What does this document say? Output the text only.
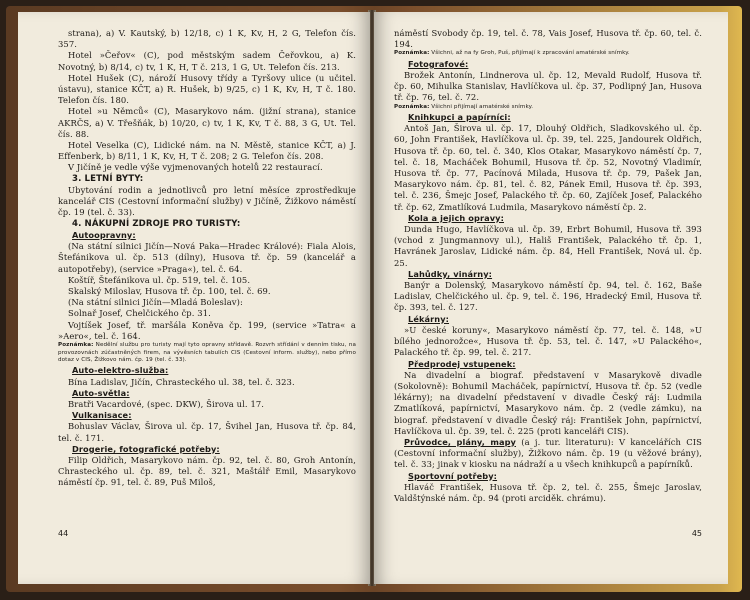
strana), a) V. Kautský, b) 12/18, c) 1 K, Kv, H, 2 G, Telefon čís. 357.

Hotel »Čeřov« (C), pod městským sadem Čeřovkou, a) K. Novotný, b) 8/14, c) tv, 1 K, H, T č. 213, 1 G, Ut. Telefon čís. 213.

Hotel Hušek (C), nároží Husovy třídy a Tyršovy ulice (u učitel. ústavu), stanice KČT, a) R. Hušek, b) 9/25, c) 1 K, Kv, H, T č. 180. Telefon čís. 180.

Hotel »u Němců« (C), Masarykovo nám. (jižní strana), stanice AKRČS, a) V. Třešňák, b) 10/20, c) tv, 1 K, Kv, T č. 88, 3 G, Ut. Tel. čís. 88.

Hotel Veselka (C), Lidické nám. na N. Městě, stanice KČT, a) J. Effenberk, b) 8/11, 1 K, Kv, H, T č. 208; 2 G. Telefon čís. 208.

V Jičíně je vedle výše vyjmenovaných hotelů 22 restaurací.

3. LETNÍ BYTY:

Ubytování rodin a jednotlivců pro letní měsíce zprostředkuje kancelář CIS (Cestovní informační služby) v Jičíně, Žižkovo náměstí čp. 19 (tel. č. 33).

4. NÁKUPNÍ ZDROJE PRO TURISTY:

Autoopravny:

(Na státní silnici Jičín—Nová Paka—Hradec Králové): Fiala Alois, Štefánikova ul. čp. 513 (dílny), Husova tř. čp. 59 (kancelář a autopotřeby), (service »Praga«), tel. č. 64.

Koštíř, Štefánikova ul. čp. 519, tel. č. 105.

Skalský Miloslav, Husova tř. čp. 100, tel. č. 69.

(Na státní silnici Jičín—Mladá Boleslav):

Solnař Josef, Chelčického čp. 31.

Vojtíšek Josef, tř. maršála Koněva čp. 199, (service »Tatra« a »Aero«, tel. č. 164.

Poznámka: Nedělní službu pro turisty mají tyto opravny střídavě. Rozvrh střídání v denním tisku, na provozovnách zúčastněných firem, na vývěsních tabulích CIS (Cestovní inform. služby), nebo přímo dotaz v CIS, Žižkovo nám. čp. 19 (tel. č. 33).

Auto-elektro-služba:

Bína Ladislav, Jičín, Chrasteckého ul. 38, tel. č. 323.

Auto-světla:

Bratři Vacardové, (spec. DKW), Širova ul. 17.

Vulkanisace:

Bohuslav Václav, Širova ul. čp. 17, Švihel Jan, Husova tř. čp. 84, tel. č. 171.

Drogerie, fotografické potřeby:

Filip Oldřich, Masarykovo nám. čp. 92, tel. č. 80, Groh Antonín, Chrasteckého ul. čp. 89, tel. č. 321, Maštálř Emil, Masarykovo náměstí čp. 91, tel. č. 89, Puš Miloš,

44

náměstí Svobody čp. 19, tel. č. 78, Vais Josef, Husova tř. čp. 60, tel. č. 194.

Poznámka: Všichni, až na fy Groh, Puš, přijímají k zpracování amatérské snímky.

Fotografové:

Brožek Antonín, Lindnerova ul. čp. 12, Mevald Rudolf, Husova tř. čp. 60, Mihulka Stanislav, Havlíčkova ul. čp. 37, Podlipný Jan, Husova tř. čp. 76, tel. č. 72.

Poznámka: Všichni přijímají amatérské snímky.

Knihkupci a papírníci:

Antoš Jan, Širova ul. čp. 17, Dlouhý Oldřich, Sladkovského ul. čp. 60, John František, Havlíčkova ul. čp. 39, tel. 225, Jandourek Oldřich, Husova tř. čp. 60, tel. č. 340, Klos Otakar, Masarykovo náměstí čp. 7, tel. č. 18, Macháček Bohumil, Husova tř. čp. 52, Novotný Vladimír, Husova tř. čp. 77, Pacínová Milada, Husova tř. čp. 79, Pašek Jan, Masarykovo nám. čp. 81, tel. č. 82, Pánek Emil, Husova tř. čp. 393, tel. č. 236, Šmejc Josef, Palackého tř. čp. 60, Zajíček Josef, Palackého tř. čp. 62, Zmatlíková Ludmila, Masarykovo náměstí čp. 2.

Kola a jejich opravy:

Dunda Hugo, Havlíčkova ul. čp. 39, Erbrt Bohumil, Husova tř. 393 (vchod z Jungmannovy ul.), Hališ František, Palackého tř. čp. 1, Havránek Jaroslav, Lidické nám. čp. 84, Hell František, Nová ul. čp. 25.

Lahůdky, vinárny:

Banýr a Dolenský, Masarykovo náměstí čp. 94, tel. č. 162, Baše Ladislav, Chelčického ul. čp. 9, tel. č. 196, Hradecký Emil, Husova tř. čp. 393, tel. č. 127.

Lékárny:

»U české koruny«, Masarykovo náměstí čp. 77, tel. č. 148, »U bílého jednorožce«, Husova tř. čp. 53, tel. č. 147, »U Palackého«, Palackého tř. čp. 99, tel. č. 217.

Předprodej vstupenek:

Na divadelní a biograf. představení v Masarykově divadle (Sokolovně): Bohumil Macháček, papírnictví, Husova tř. čp. 52 (vedle lékárny); na divadelní představení v divadle Český ráj: Ludmila Zmatlíková, papírnictví, Masarykovo nám. čp. 2 (vedle zámku), na biograf. představení v divadle Český ráj: František John, papírnictví, Havlíčkova ul. čp. 39, tel. č. 225 (proti kanceláři CIS).

Průvodce, plány, mapy (a j. tur. literaturu): V kancelářích CIS (Cestovní informační služby), Žižkovo nám. čp. 19 (u věžové brány), tel. č. 33; jinak v kiosku na nádraží a u všech knihkupců a papírníků.

Sportovní potřeby:

Hlaváč František, Husova tř. čp. 2, tel. č. 255, Šmejc Jaroslav, Valdštýnské nám. čp. 94 (proti arciděk. chrámu).

45
